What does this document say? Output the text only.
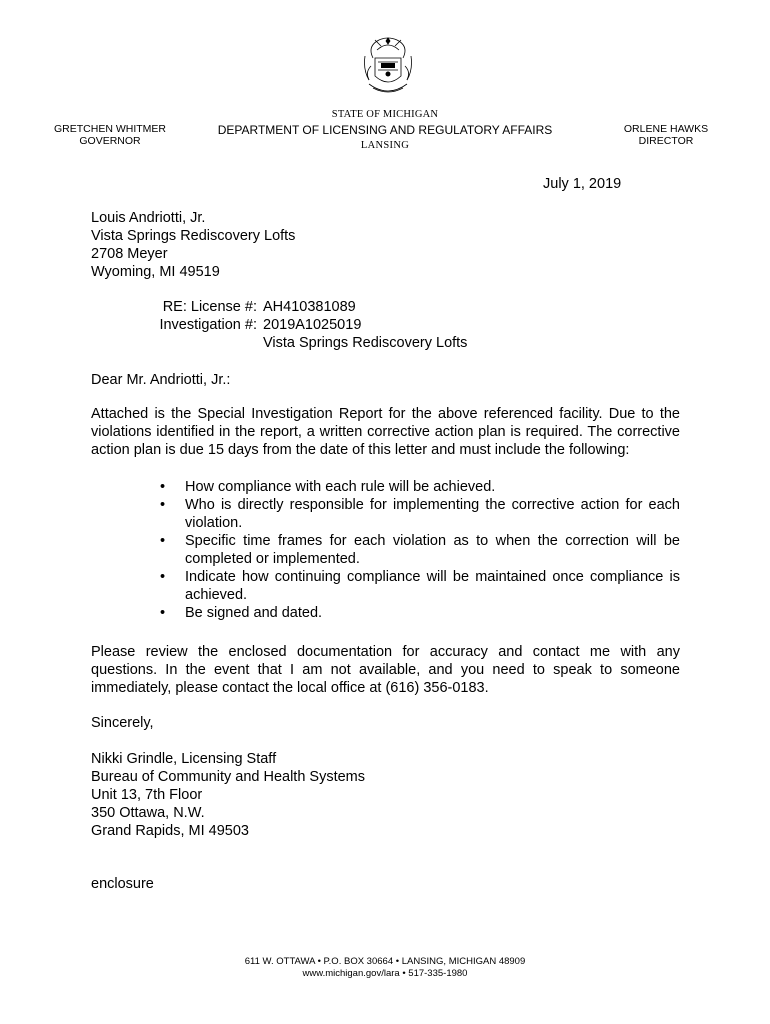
GRETCHEN WHITMER
GOVERNOR
STATE OF MICHIGAN
DEPARTMENT OF LICENSING AND REGULATORY AFFAIRS
LANSING
ORLENE HAWKS
DIRECTOR
July 1, 2019
Louis Andriotti, Jr.
Vista Springs Rediscovery Lofts
2708 Meyer
Wyoming, MI 49519
RE: License #:
Investigation #:
AH410381089
2019A1025019
Vista Springs Rediscovery Lofts
Dear Mr. Andriotti, Jr.:
Attached is the Special Investigation Report for the above referenced facility. Due to the violations identified in the report, a written corrective action plan is required. The corrective action plan is due 15 days from the date of this letter and must include the following:
• How compliance with each rule will be achieved.
• Who is directly responsible for implementing the corrective action for each violation.
• Specific time frames for each violation as to when the correction will be completed or implemented.
• Indicate how continuing compliance will be maintained once compliance is achieved.
• Be signed and dated.
Please review the enclosed documentation for accuracy and contact me with any questions. In the event that I am not available, and you need to speak to someone immediately, please contact the local office at (616) 356-0183.
Sincerely,
Nikki Grindle, Licensing Staff
Bureau of Community and Health Systems
Unit 13, 7th Floor
350 Ottawa, N.W.
Grand Rapids, MI 49503
enclosure
611 W. OTTAWA • P.O. BOX 30664 • LANSING, MICHIGAN 48909
www.michigan.gov/lara • 517-335-1980
